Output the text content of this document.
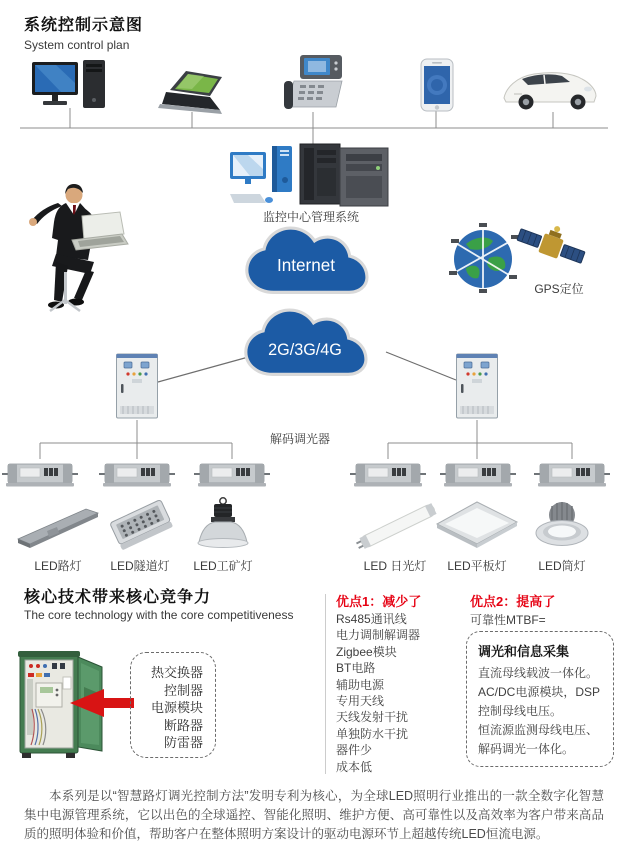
系统控制示意图
System control plan
监控中心管理系统
Internet
GPS定位
2G/3G/4G
解码调光器
LED路灯	LED隧道灯	LED工矿灯	LED 日光灯	LED平板灯	LED筒灯
核心技术带来核心竞争力
The core technology with the core competitiveness
热交换器
控制器
电源模块
断路器
防雷器
优点1：减少了
Rs485通讯线
电力调制解调器
Zigbee模块
BT电路
辅助电源
专用天线
天线发射干扰
单独防水干扰
器件少
成本低
优点2：提高了
可靠性MTBF=
调光和信息采集
直流母线载波一体化。
AC/DC电源模块，DSP控制母线电压。
恒流源监测母线电压、解码调光一体化。
本系列是以“智慧路灯调光控制方法”发明专利为核心，为全球LED照明行业推出的一款全数字化智慧集中电源管理系统，它以出色的全球遥控、智能化照明、维护方便、高可靠性以及高效率为客户带来高品质的照明体验和价值，帮助客户在整体照明方案设计的驱动电源环节上超越传统LED恒流电源。
